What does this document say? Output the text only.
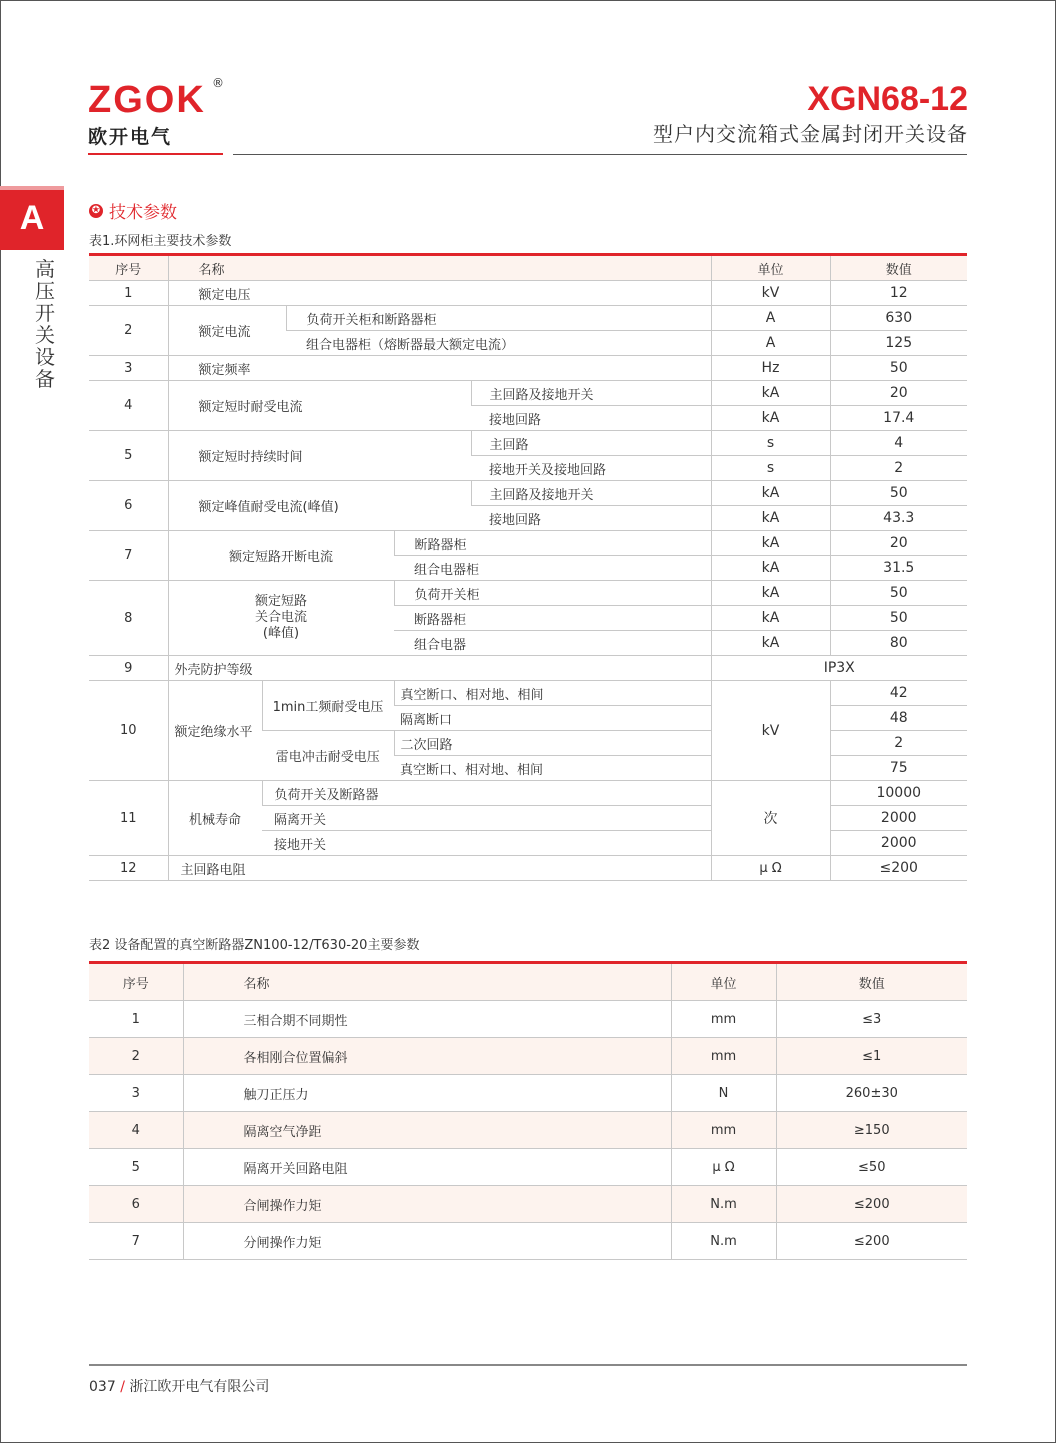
ZGOK ®
欧开电气
XGN68-12
型户内交流箱式金属封闭开关设备
A
高压开关设备
✪ 技术参数
表1.环网柜主要技术参数
序号	名称					单位	数值
1	额定电压					kV	12
2	额定电流		负荷开关柜和断路器柜			A	630
			组合电器柜（熔断器最大额定电流）			A	125
3	额定频率					Hz	50
4	额定短时耐受电流				主回路及接地开关	kA	20
					接地回路	kA	17.4
5	额定短时持续时间				主回路	s	4
					接地开关及接地回路	s	2
6	额定峰值耐受电流(峰值)				主回路及接地开关	kA	50
					接地回路	kA	43.3
7	额定短路开断电流			断路器柜		kA	20
				组合电器柜		kA	31.5
8	额定短路
关合电流
(峰值)			负荷开关柜		kA	50
				断路器柜		kA	50
				组合电器		kA	80
9	外壳防护等级					IP3X	
10	额定绝缘水平	1min工频耐受电压		真空断口、相对地、相间		kV	42
				隔离断口			48
		雷电冲击耐受电压		二次回路			2
				真空断口、相对地、相间			75
11	机械寿命	负荷开关及断路器				次	10000
		隔离开关					2000
		接地开关					2000
12	主回路电阻					μ Ω	≤200
表2 设备配置的真空断路器ZN100-12/T630-20主要参数
序号	名称	单位	数值
1	三相合期不同期性	mm	≤3
2	各相刚合位置偏斜	mm	≤1
3	触刀正压力	N	260±30
4	隔离空气净距	mm	≥150
5	隔离开关回路电阻	μ Ω	≤50
6	合闸操作力矩	N.m	≤200
7	分闸操作力矩	N.m	≤200
037 / 浙江欧开电气有限公司
